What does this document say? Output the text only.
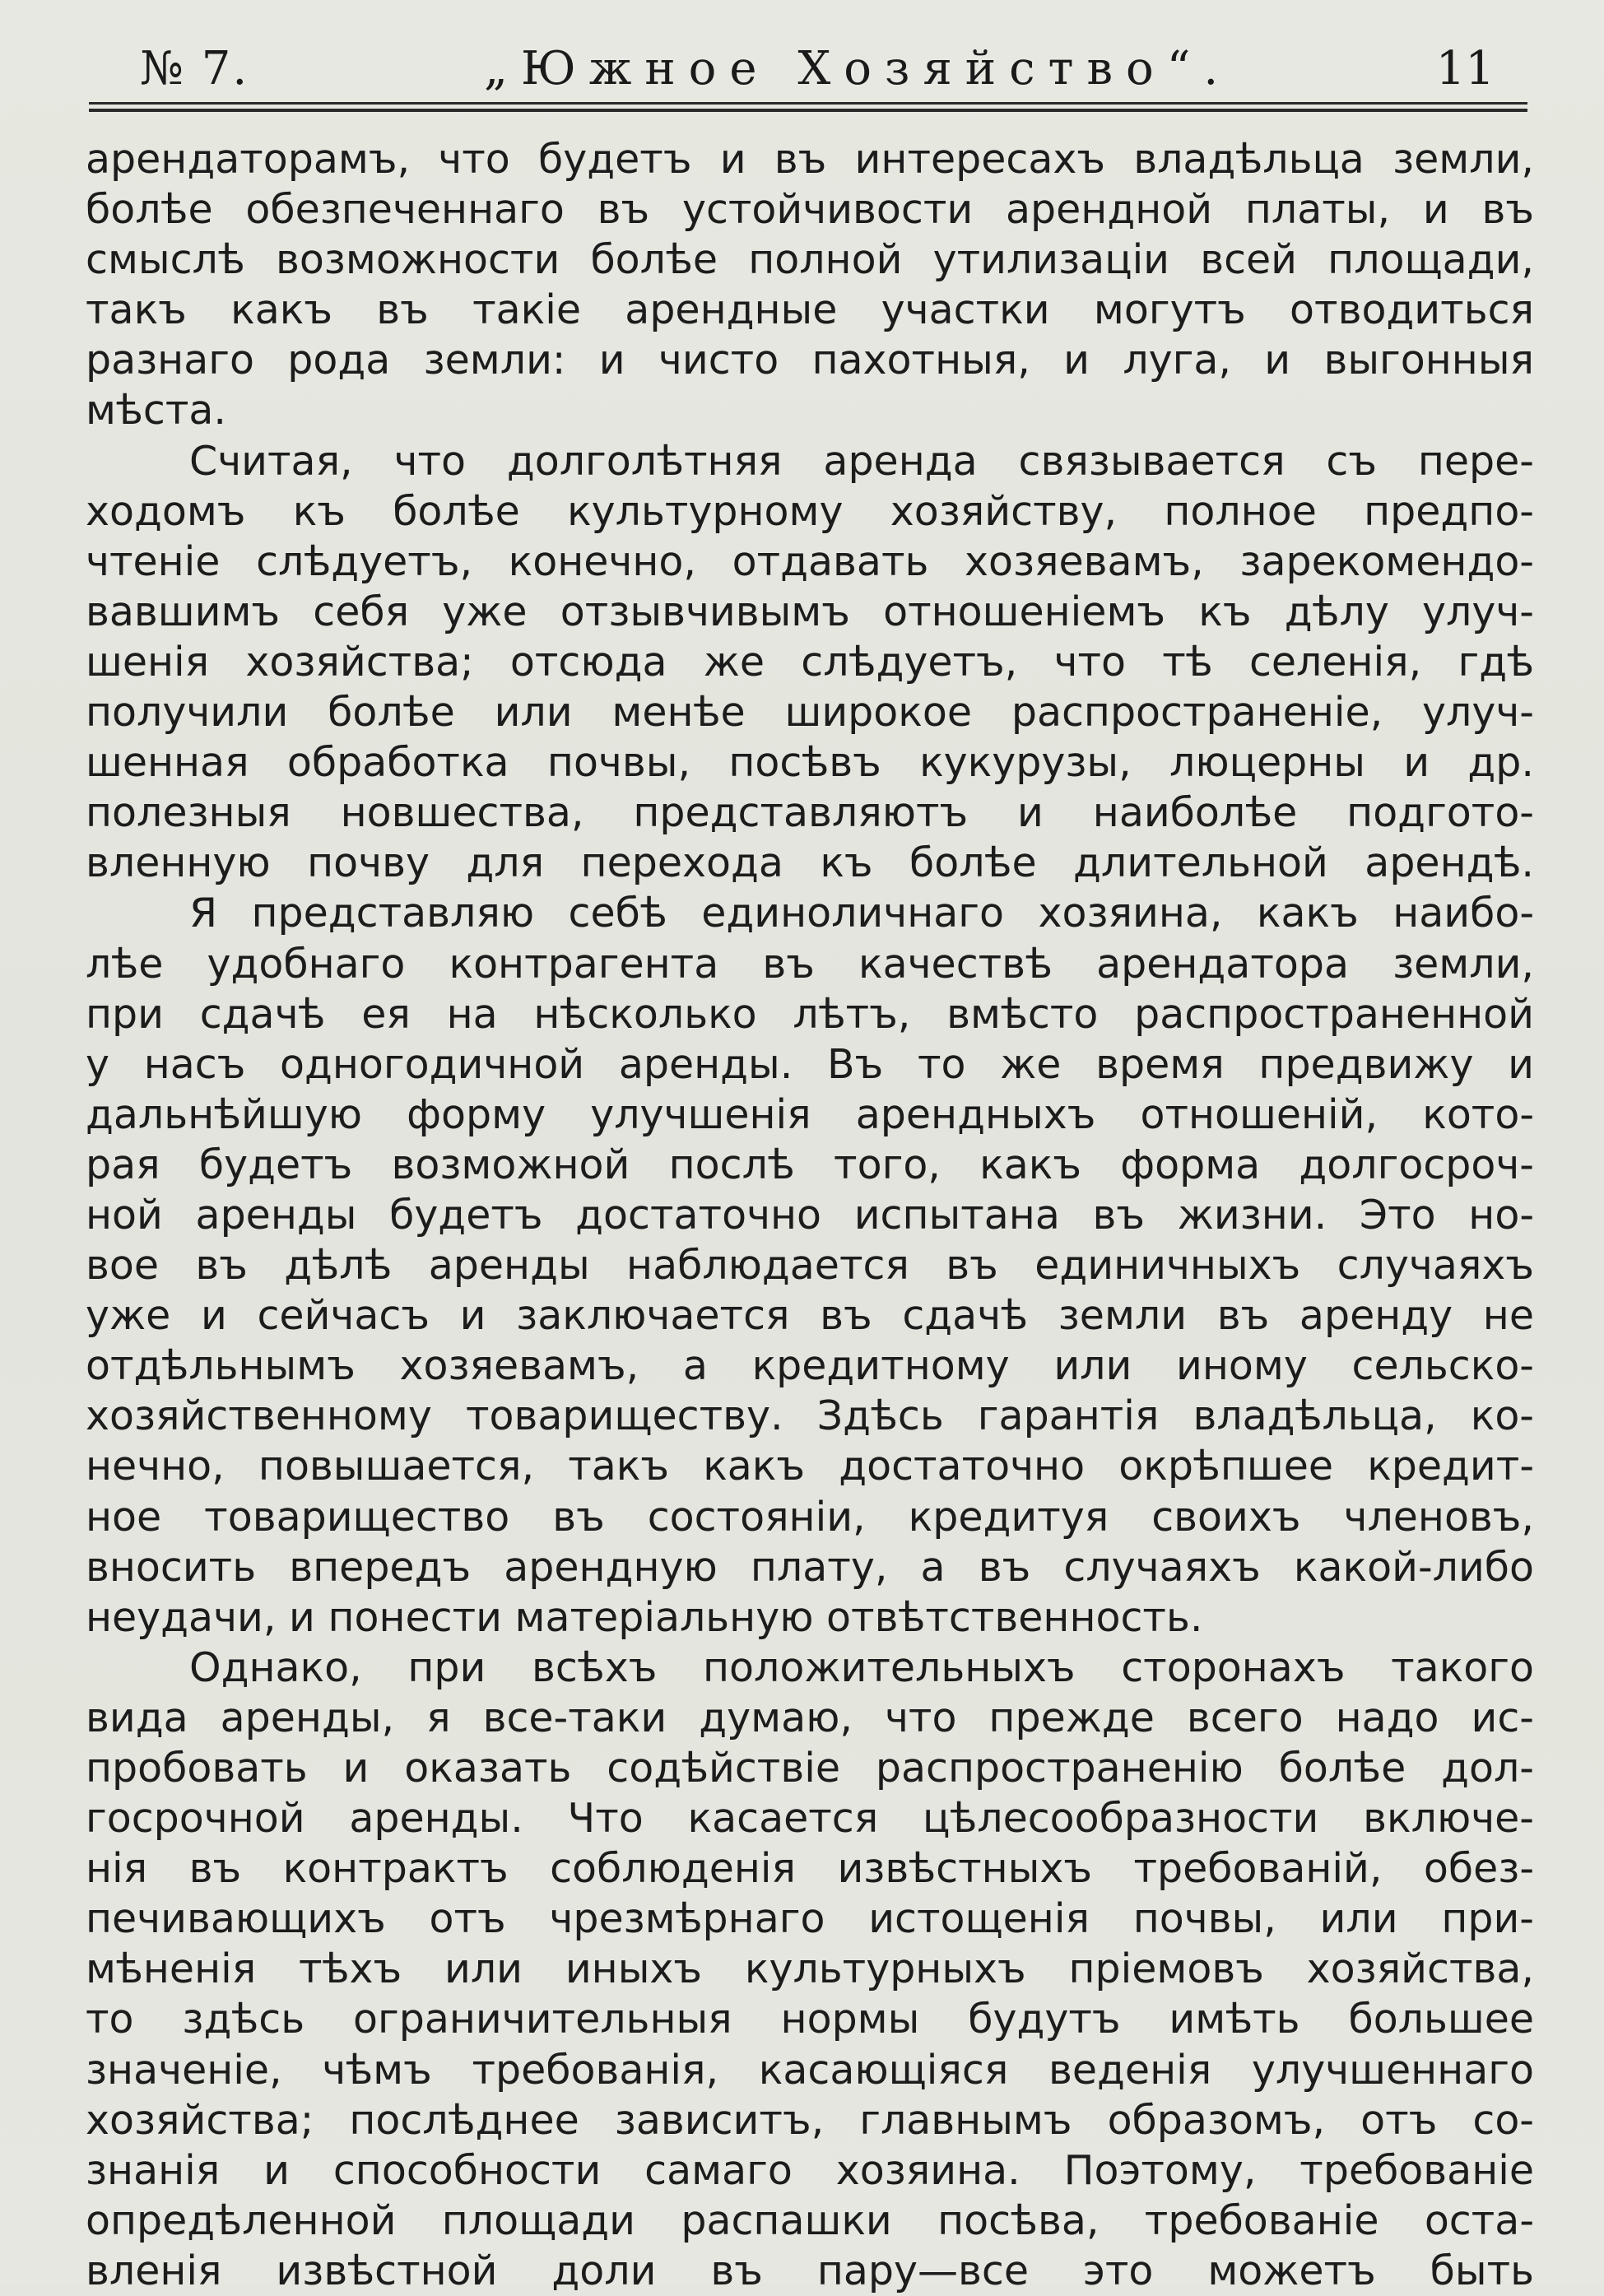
№ 7.	„Южное Хозяйство“.	11
арендаторамъ, что будетъ и въ интересахъ владѣльца земли,
болѣе обезпеченнаго въ устойчивости арендной платы, и въ
смыслѣ возможности болѣе полной утилизаціи всей площади,
такъ какъ въ такіе арендные участки могутъ отводиться
разнаго рода земли: и чисто пахотныя, и луга, и выгонныя
мѣста.
Считая, что долголѣтняя аренда связывается съ пере-
ходомъ къ болѣе культурному хозяйству, полное предпо-
чтеніе слѣдуетъ, конечно, отдавать хозяевамъ, зарекомендо-
вавшимъ себя уже отзывчивымъ отношеніемъ къ дѣлу улуч-
шенія хозяйства; отсюда же слѣдуетъ, что тѣ селенія, гдѣ
получили болѣе или менѣе широкое распространеніе, улуч-
шенная обработка почвы, посѣвъ кукурузы, люцерны и др.
полезныя новшества, представляютъ и наиболѣе подгото-
вленную почву для перехода къ болѣе длительной арендѣ.
Я представляю себѣ единоличнаго хозяина, какъ наибо-
лѣе удобнаго контрагента въ качествѣ арендатора земли,
при сдачѣ ея на нѣсколько лѣтъ, вмѣсто распространенной
у насъ одногодичной аренды. Въ то же время предвижу и
дальнѣйшую форму улучшенія арендныхъ отношеній, кото-
рая будетъ возможной послѣ того, какъ форма долгосроч-
ной аренды будетъ достаточно испытана въ жизни. Это но-
вое въ дѣлѣ аренды наблюдается въ единичныхъ случаяхъ
уже и сейчасъ и заключается въ сдачѣ земли въ аренду не
отдѣльнымъ хозяевамъ, а кредитному или иному сельско-
хозяйственному товариществу. Здѣсь гарантія владѣльца, ко-
нечно, повышается, такъ какъ достаточно окрѣпшее кредит-
ное товарищество въ состояніи, кредитуя своихъ членовъ,
вносить впередъ арендную плату, а въ случаяхъ какой-либо
неудачи, и понести матеріальную отвѣтственность.
Однако, при всѣхъ положительныхъ сторонахъ такого
вида аренды, я все-таки думаю, что прежде всего надо ис-
пробовать и оказать содѣйствіе распространенію болѣе дол-
госрочной аренды. Что касается цѣлесообразности включе-
нія въ контрактъ соблюденія извѣстныхъ требованій, обез-
печивающихъ отъ чрезмѣрнаго истощенія почвы, или при-
мѣненія тѣхъ или иныхъ культурныхъ пріемовъ хозяйства,
то здѣсь ограничительныя нормы будутъ имѣть большее
значеніе, чѣмъ требованія, касающіяся веденія улучшеннаго
хозяйства; послѣднее зависитъ, главнымъ образомъ, отъ со-
знанія и способности самаго хозяина. Поэтому, требованіе
опредѣленной площади распашки посѣва, требованіе оста-
вленія извѣстной доли въ пару—все это можетъ быть
